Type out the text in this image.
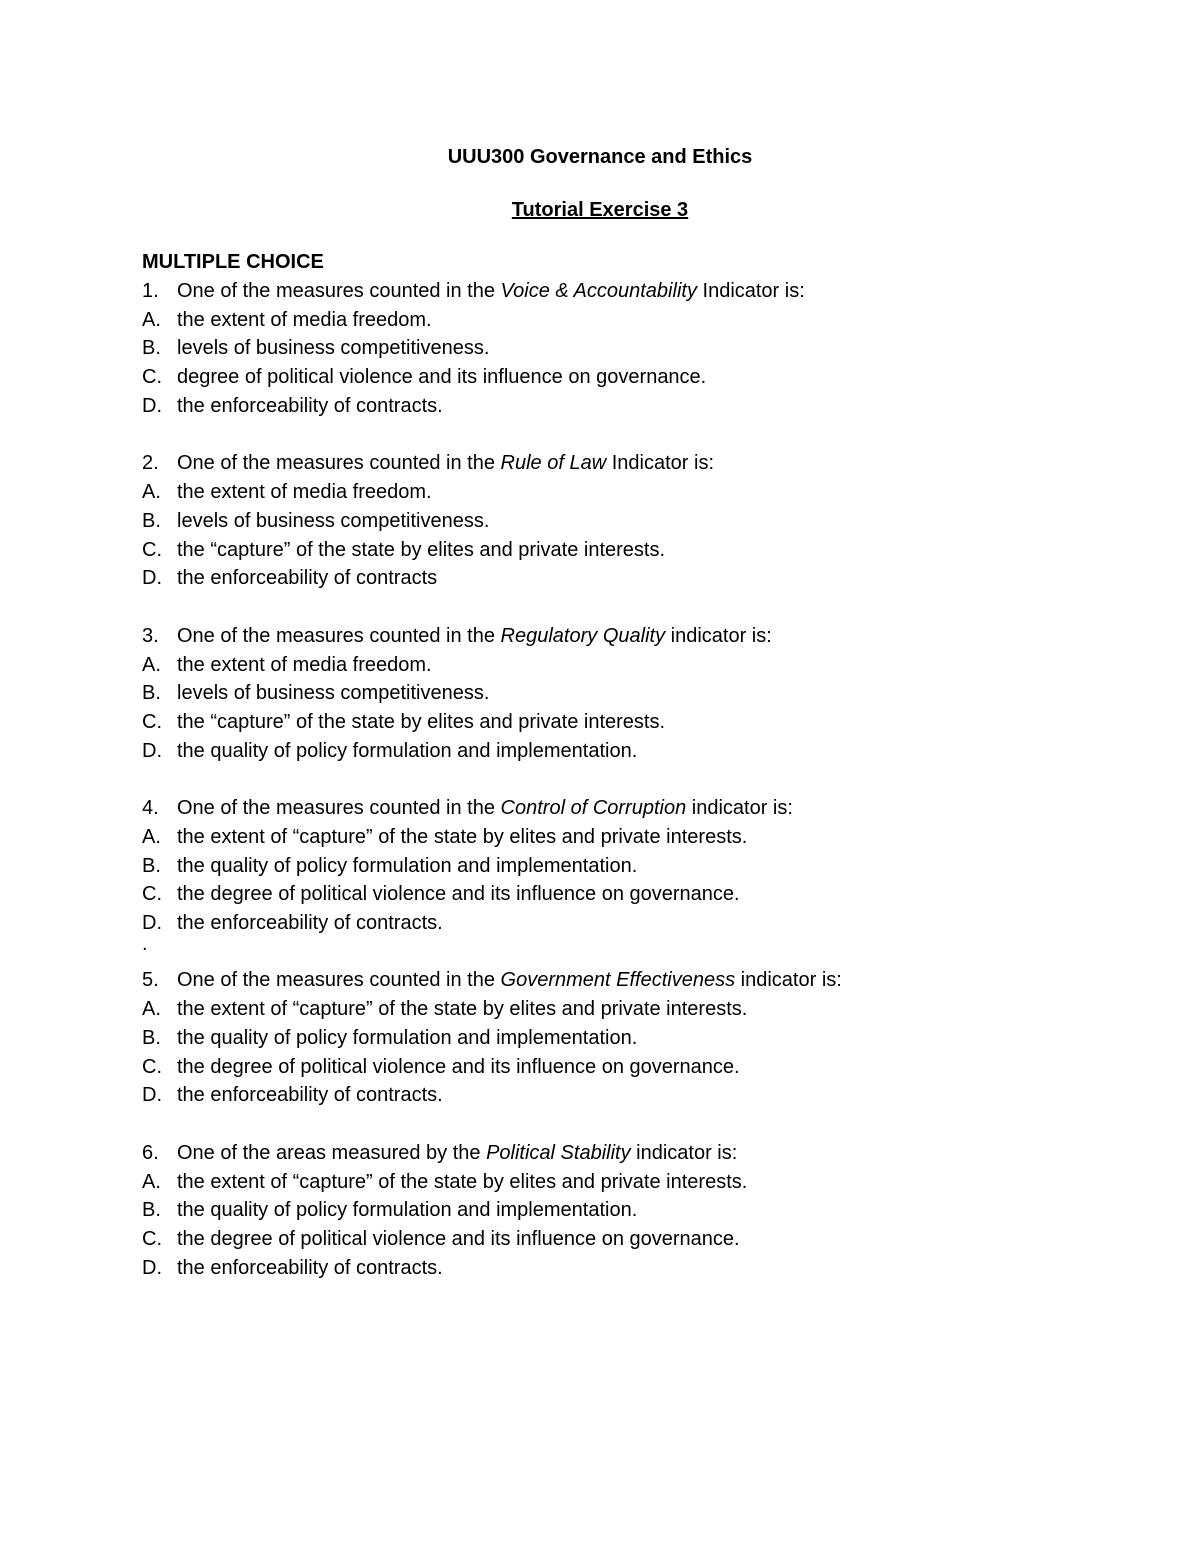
UUU300 Governance and Ethics
Tutorial Exercise 3
MULTIPLE CHOICE
1. One of the measures counted in the Voice & Accountability Indicator is:
A. the extent of media freedom.
B. levels of business competitiveness.
C. degree of political violence and its influence on governance.
D. the enforceability of contracts.
2. One of the measures counted in the Rule of Law Indicator is:
A. the extent of media freedom.
B. levels of business competitiveness.
C. the “capture” of the state by elites and private interests.
D. the enforceability of contracts
3. One of the measures counted in the Regulatory Quality indicator is:
A. the extent of media freedom.
B. levels of business competitiveness.
C. the “capture” of the state by elites and private interests.
D. the quality of policy formulation and implementation.
4. One of the measures counted in the Control of Corruption indicator is:
A. the extent of “capture” of the state by elites and private interests.
B. the quality of policy formulation and implementation.
C. the degree of political violence and its influence on governance.
D. the enforceability of contracts.
.
5. One of the measures counted in the Government Effectiveness indicator is:
A. the extent of “capture” of the state by elites and private interests.
B. the quality of policy formulation and implementation.
C. the degree of political violence and its influence on governance.
D. the enforceability of contracts.
6. One of the areas measured by the Political Stability indicator is:
A. the extent of “capture” of the state by elites and private interests.
B. the quality of policy formulation and implementation.
C. the degree of political violence and its influence on governance.
D. the enforceability of contracts.
